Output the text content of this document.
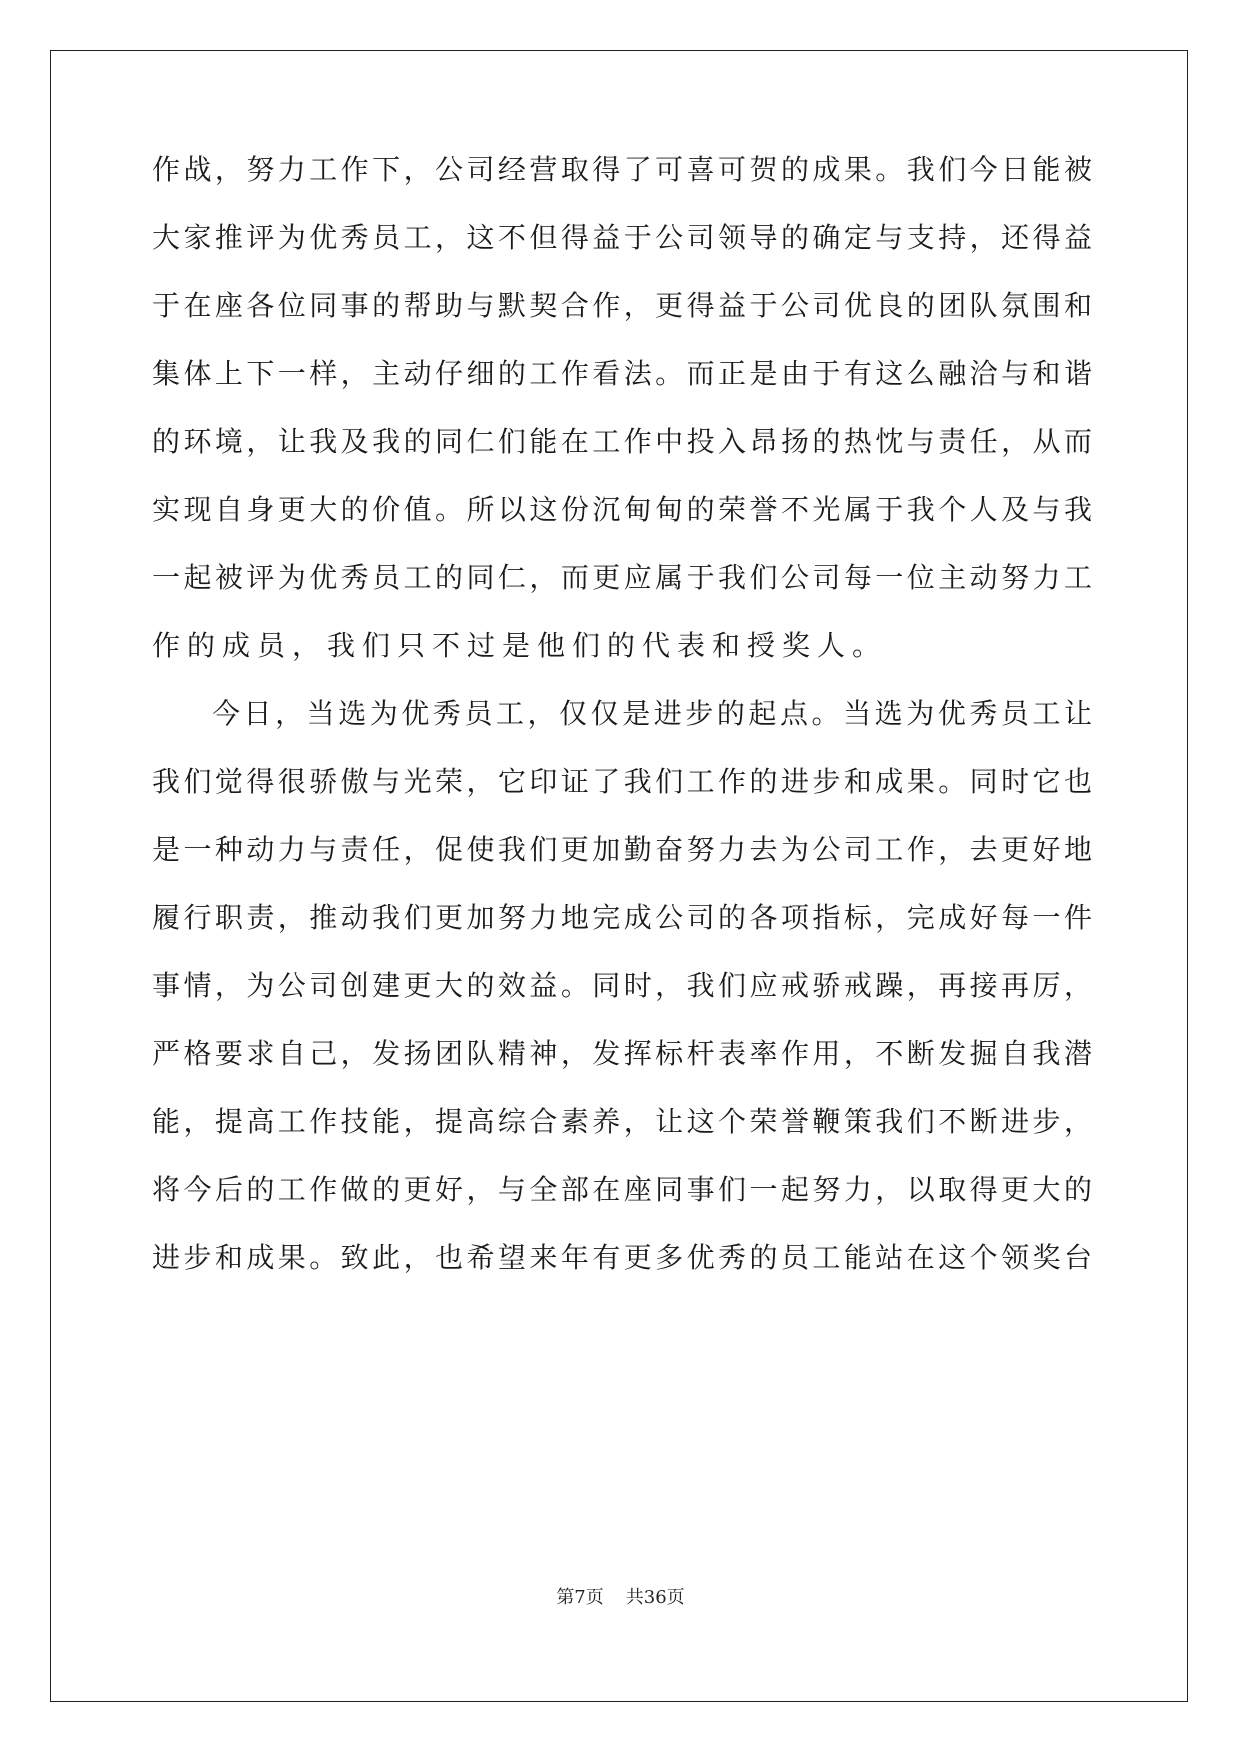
作战，努力工作下，公司经营取得了可喜可贺的成果。我们今日能被
大家推评为优秀员工，这不但得益于公司领导的确定与支持，还得益
于在座各位同事的帮助与默契合作，更得益于公司优良的团队氛围和
集体上下一样，主动仔细的工作看法。而正是由于有这么融洽与和谐
的环境，让我及我的同仁们能在工作中投入昂扬的热忱与责任，从而
实现自身更大的价值。所以这份沉甸甸的荣誉不光属于我个人及与我
一起被评为优秀员工的同仁，而更应属于我们公司每一位主动努力工
作的成员，我们只不过是他们的代表和授奖人。
今日，当选为优秀员工，仅仅是进步的起点。当选为优秀员工让
我们觉得很骄傲与光荣，它印证了我们工作的进步和成果。同时它也
是一种动力与责任，促使我们更加勤奋努力去为公司工作，去更好地
履行职责，推动我们更加努力地完成公司的各项指标，完成好每一件
事情，为公司创建更大的效益。同时，我们应戒骄戒躁，再接再厉，
严格要求自己，发扬团队精神，发挥标杆表率作用，不断发掘自我潜
能，提高工作技能，提高综合素养，让这个荣誉鞭策我们不断进步，
将今后的工作做的更好，与全部在座同事们一起努力，以取得更大的
进步和成果。致此，也希望来年有更多优秀的员工能站在这个领奖台
第7页 共36页
